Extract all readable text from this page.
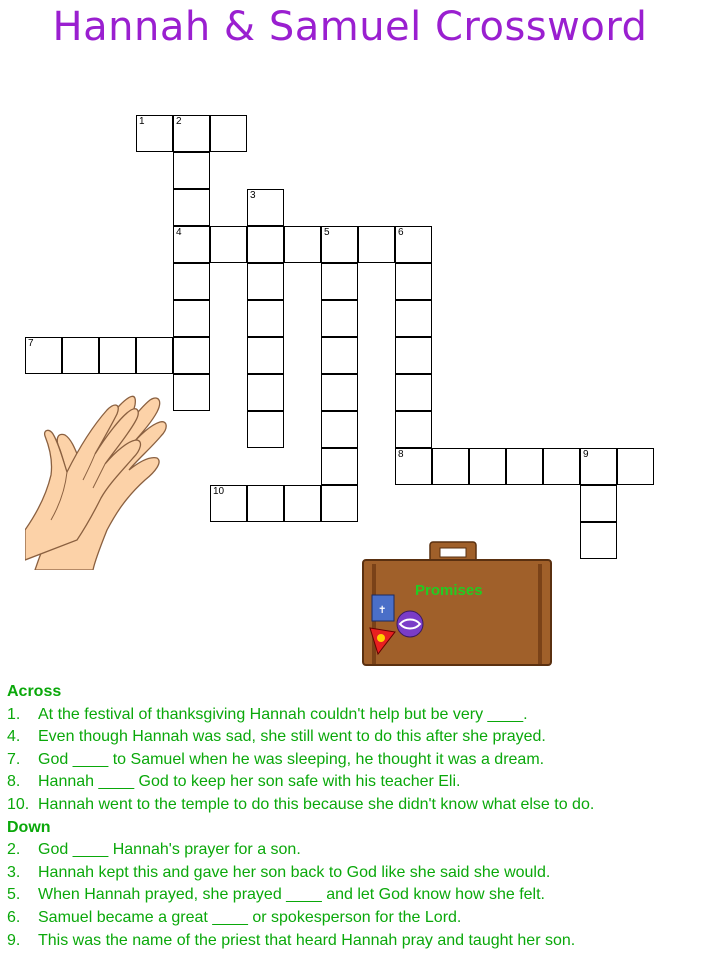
Hannah & Samuel Crossword
1	2
3
4	5	6
7
8	9
10
Promises
✝
Across
1. At the festival of thanksgiving Hannah couldn't help but be very ____.
4. Even though Hannah was sad, she still went to do this after she prayed.
7. God ____ to Samuel when he was sleeping, he thought it was a dream.
8. Hannah ____ God to keep her son safe with his teacher Eli.
10. Hannah went to the temple to do this because she didn't know what else to do.
Down
2. God ____ Hannah's prayer for a son.
3. Hannah kept this and gave her son back to God like she said she would.
5. When Hannah prayed, she prayed ____ and let God know how she felt.
6. Samuel became a great ____ or spokesperson for the Lord.
9. This was the name of the priest that heard Hannah pray and taught her son.
